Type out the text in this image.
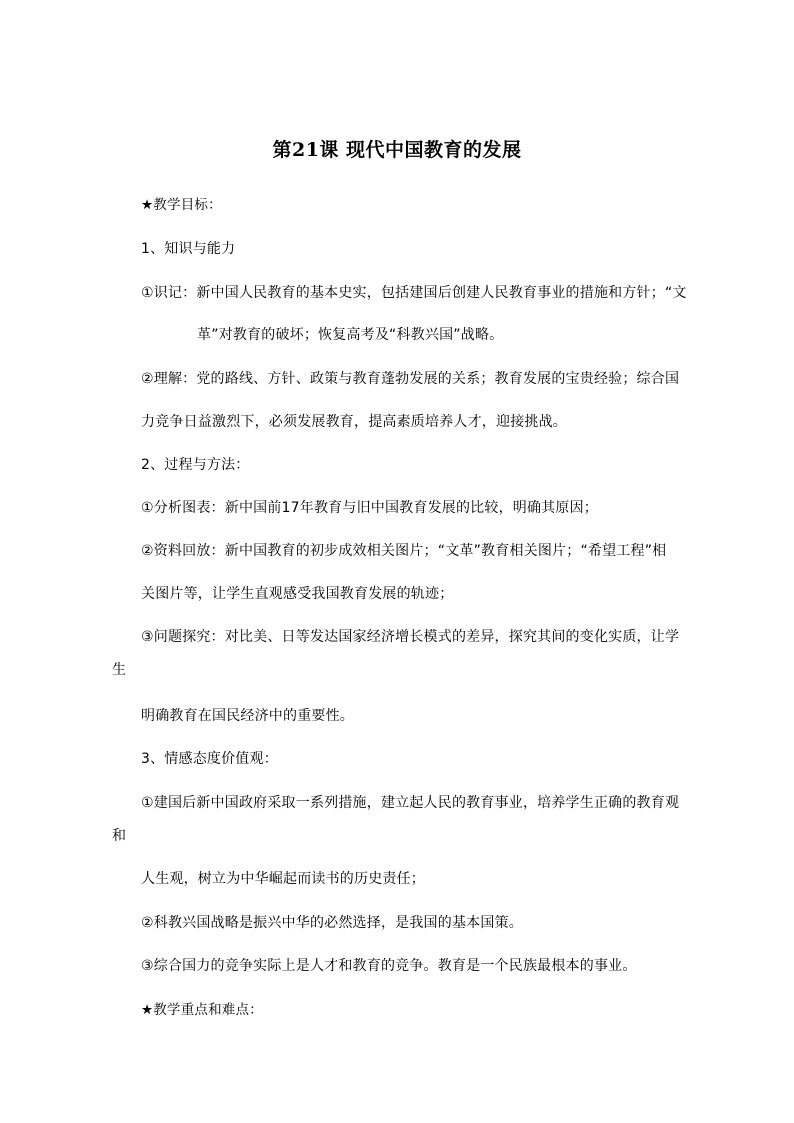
第21课 现代中国教育的发展
★教学目标：
1、知识与能力
①识记：新中国人民教育的基本史实，包括建国后创建人民教育事业的措施和方针；“文
革”对教育的破坏；恢复高考及“科教兴国”战略。
②理解：党的路线、方针、政策与教育蓬勃发展的关系；教育发展的宝贵经验；综合国
力竞争日益激烈下，必须发展教育，提高素质培养人才，迎接挑战。
2、过程与方法：
①分析图表：新中国前17年教育与旧中国教育发展的比较，明确其原因；
②资料回放：新中国教育的初步成效相关图片；“文革”教育相关图片；“希望工程”相
关图片等，让学生直观感受我国教育发展的轨迹；
③问题探究：对比美、日等发达国家经济增长模式的差异，探究其间的变化实质，让学
生
明确教育在国民经济中的重要性。
3、情感态度价值观：
①建国后新中国政府采取一系列措施，建立起人民的教育事业，培养学生正确的教育观
和
人生观，树立为中华崛起而读书的历史责任；
②科教兴国战略是振兴中华的必然选择，是我国的基本国策。
③综合国力的竞争实际上是人才和教育的竞争。教育是一个民族最根本的事业。
★教学重点和难点：
